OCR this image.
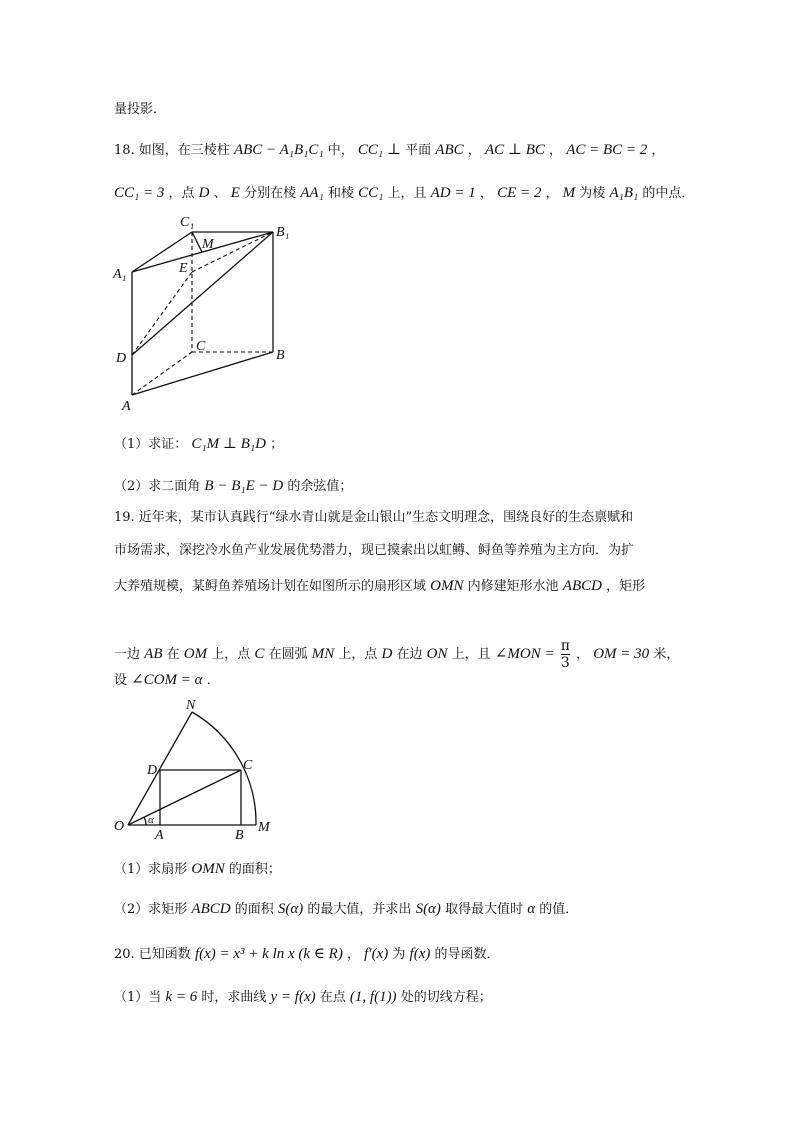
量投影．
18. 如图，在三棱柱 ABC − A₁B₁C₁ 中， CC₁ ⊥ 平面 ABC ， AC ⊥ BC ， AC = BC = 2 ，
CC₁ = 3 ，点 D 、 E 分别在棱 AA₁ 和棱 CC₁ 上，且 AD = 1 ， CE = 2 ， M 为棱 A₁B₁ 的中点．
C₁
B₁
A₁
M
E
C
D	B
A
（1）求证： C₁M ⊥ B₁D ；
（2）求二面角 B − B₁E − D 的余弦值；
19. 近年来，某市认真践行“绿水青山就是金山银山”生态文明理念，围绕良好的生态禀赋和
市场需求，深挖冷水鱼产业发展优势潜力，现已摸索出以虹鳟、鲟鱼等养殖为主方向．为扩
大养殖规模，某鲟鱼养殖场计划在如图所示的扇形区域 OMN 内修建矩形水池 ABCD ，矩形
一边 AB 在 OM 上，点 C 在圆弧 MN 上，点 D 在边 ON 上，且 ∠MON = $\frac{\pi}{3}$ ， OM = 30 米，
设 ∠COM = α ．
N
D	C
O α
A	B
M
（1）求扇形 OMN 的面积；
（2）求矩形 ABCD 的面积 S(α) 的最大值，并求出 S(α) 取得最大值时 α 的值．
20. 已知函数 f(x) = x³ + k ln x (k ∈ R) ， f′(x) 为 f(x) 的导函数．
（1）当 k = 6 时，求曲线 y = f(x) 在点 (1, f(1)) 处的切线方程；
